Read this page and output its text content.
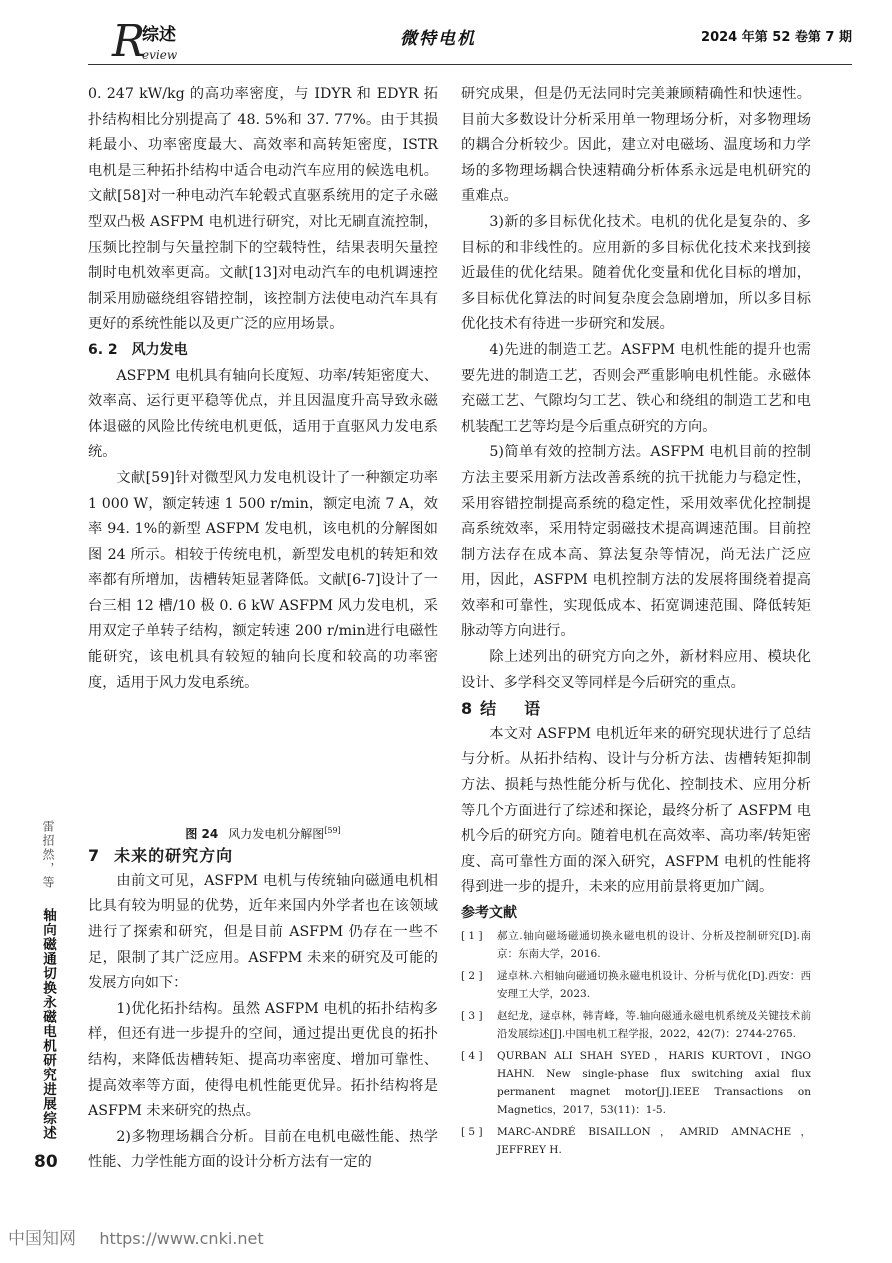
R
综述
eview
微特电机	2024 年第 52 卷第 7 期

0. 247 kW/kg 的高功率密度，与 IDYR 和 EDYR 拓扑结构相比分别提高了 48. 5%和 37. 77%。由于其损耗最小、功率密度最大、高效率和高转矩密度，ISTR 电机是三种拓扑结构中适合电动汽车应用的候选电机。文献[58]对一种电动汽车轮毂式直驱系统用的定子永磁型双凸极 ASFPM 电机进行研究，对比无刷直流控制，压频比控制与矢量控制下的空载特性，结果表明矢量控制时电机效率更高。文献[13]对电动汽车的电机调速控制采用励磁绕组容错控制，该控制方法使电动汽车具有更好的系统性能以及更广泛的应用场景。

6. 2　风力发电

ASFPM 电机具有轴向长度短、功率/转矩密度大、效率高、运行更平稳等优点，并且因温度升高导致永磁体退磁的风险比传统电机更低，适用于直驱风力发电系统。

文献[59]针对微型风力发电机设计了一种额定功率 1 000 W，额定转速 1 500 r/min，额定电流 7 A，效率 94. 1%的新型 ASFPM 发电机，该电机的分解图如图 24 所示。相较于传统电机，新型发电机的转矩和效率都有所增加，齿槽转矩显著降低。文献[6-7]设计了一台三相 12 槽/10 极 0. 6 kW ASFPM 风力发电机，采用双定子单转子结构，额定转速 200 r/min进行电磁性能研究，该电机具有较短的轴向长度和较高的功率密度，适用于风力发电系统。

图 24 风力发电机分解图[59]

7 未来的研究方向

由前文可见，ASFPM 电机与传统轴向磁通电机相比具有较为明显的优势，近年来国内外学者也在该领域进行了探索和研究，但是目前 ASFPM 仍存在一些不足，限制了其广泛应用。ASFPM 未来的研究及可能的发展方向如下：

1)优化拓扑结构。虽然 ASFPM 电机的拓扑结构多样，但还有进一步提升的空间，通过提出更优良的拓扑结构，来降低齿槽转矩、提高功率密度、增加可靠性、提高效率等方面，使得电机性能更优异。拓扑结构将是 ASFPM 未来研究的热点。

2)多物理场耦合分析。目前在电机电磁性能、热学性能、力学性能方面的设计分析方法有一定的

研究成果，但是仍无法同时完美兼顾精确性和快速性。目前大多数设计分析采用单一物理场分析，对多物理场的耦合分析较少。因此，建立对电磁场、温度场和力学场的多物理场耦合快速精确分析体系永远是电机研究的重难点。

3)新的多目标优化技术。电机的优化是复杂的、多目标的和非线性的。应用新的多目标优化技术来找到接近最佳的优化结果。随着优化变量和优化目标的增加，多目标优化算法的时间复杂度会急剧增加，所以多目标优化技术有待进一步研究和发展。

4)先进的制造工艺。ASFPM 电机性能的提升也需要先进的制造工艺，否则会严重影响电机性能。永磁体充磁工艺、气隙均匀工艺、铁心和绕组的制造工艺和电机装配工艺等均是今后重点研究的方向。

5)简单有效的控制方法。ASFPM 电机目前的控制方法主要采用新方法改善系统的抗干扰能力与稳定性，采用容错控制提高系统的稳定性，采用效率优化控制提高系统效率，采用特定弱磁技术提高调速范围。目前控制方法存在成本高、算法复杂等情况，尚无法广泛应用，因此，ASFPM 电机控制方法的发展将围绕着提高效率和可靠性，实现低成本、拓宽调速范围、降低转矩脉动等方向进行。

除上述列出的研究方向之外，新材料应用、模块化设计、多学科交叉等同样是今后研究的重点。

8 结　语

本文对 ASFPM 电机近年来的研究现状进行了总结与分析。从拓扑结构、设计与分析方法、齿槽转矩抑制方法、损耗与热性能分析与优化、控制技术、应用分析等几个方面进行了综述和探论，最终分析了 ASFPM 电机今后的研究方向。随着电机在高效率、高功率/转矩密度、高可靠性方面的深入研究，ASFPM 电机的性能将得到进一步的提升，未来的应用前景将更加广阔。

参考文献

[ 1 ]	郝立.轴向磁场磁通切换永磁电机的设计、分析及控制研究[D].南京：东南大学，2016.
[ 2 ]	逯卓林.六相轴向磁通切换永磁电机设计、分析与优化[D].西安：西安理工大学，2023.
[ 3 ]	赵纪龙，逯卓林，韩青峰，等.轴向磁通永磁电机系统及关键技术前沿发展综述[J].中国电机工程学报，2022，42(7)：2744-2765.
[ 4 ]	QURBAN ALI SHAH SYED，HARIS KURTOVI，INGO HAHN. New single-phase flux switching axial flux permanent magnet motor[J].IEEE Transactions on Magnetics，2017，53(11)：1-5.
[ 5 ]	MARC-ANDRÉ BISAILLON，AMRID AMNACHE，JEFFREY H.
雷招然，等
轴向磁通切换永磁电机研究进展综述
80
中国知网 https://www.cnki.net
